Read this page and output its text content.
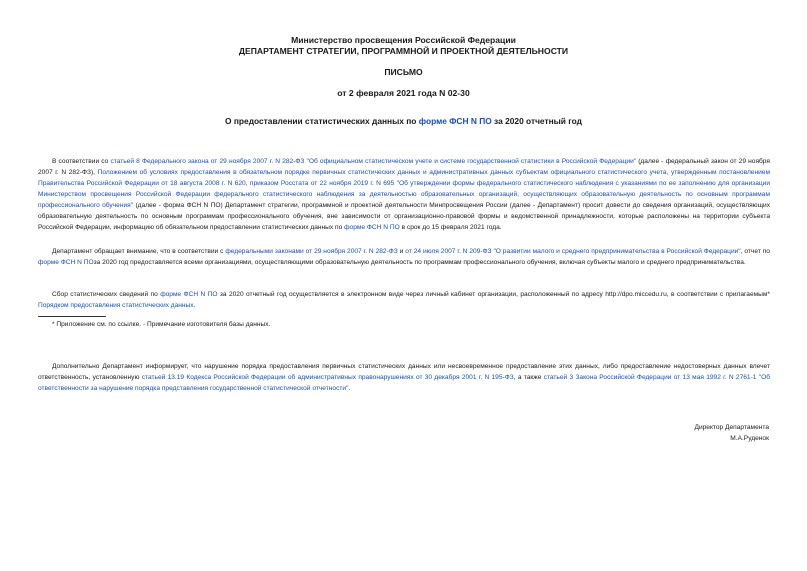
Министерство просвещения Российской Федерации
ДЕПАРТАМЕНТ СТРАТЕГИИ, ПРОГРАММНОЙ И ПРОЕКТНОЙ ДЕЯТЕЛЬНОСТИ
ПИСЬМО
от 2 февраля 2021 года N 02-30
О предоставлении статистических данных по форме ФСН N ПО за 2020 отчетный год
В соответствии со статьей 8 Федерального закона от 29 ноября 2007 г. N 282-ФЗ "Об официальном статистическом учете и системе государственной статистики в Российской Федерации" (далее - федеральный закон от 29 ноября 2007 г. N 282-ФЗ), Положением об условиях предоставления в обязательном порядке первичных статистических данных и административных данных субъектам официального статистического учета, утвержденным постановлением Правительства Российской Федерации от 18 августа 2008 г. N 620, приказом Росстата от 22 ноября 2019 г. N 695 "Об утверждении формы федерального статистического наблюдения с указаниями по ее заполнению для организации Министерством просвещения Российской Федерации федерального статистического наблюдения за деятельностью образовательных организаций, осуществляющих образовательную деятельность по основным программам профессионального обучения" (далее - форма ФСН N ПО) Департамент стратегии, программной и проектной деятельности Минпросвещения России (далее - Департамент) просит довести до сведения организаций, осуществляющих образовательную деятельность по основным программам профессионального обучения, вне зависимости от организационно-правовой формы и ведомственной принадлежности, которые расположены на территории субъекта Российской Федерации, информацию об обязательном предоставлении статистических данных по форме ФСН N ПО в срок до 15 февраля 2021 года.
Департамент обращает внимание, что в соответствии с федеральными законами от 29 ноября 2007 г. N 282-ФЗ и от 24 июля 2007 г. N 209-ФЗ "О развитии малого и среднего предпринимательства в Российской Федерации", отчет по форме ФСН N ПОза 2020 год предоставляется всеми организациями, осуществляющими образовательную деятельность по программам профессионального обучения, включая субъекты малого и среднего предпринимательства.
Сбор статистических сведений по форме ФСН N ПО за 2020 отчетный год осуществляется в электронном виде через личный кабинет организации, расположенный по адресу http://dpo.miccedu.ru, в соответствии с прилагаемым* Порядком предоставления статистических данных.
* Приложение см. по ссылке. - Примечание изготовителя базы данных.
Дополнительно Департамент информирует, что нарушение порядка предоставления первичных статистических данных или несвоевременное предоставление этих данных, либо предоставление недостоверных данных влечет ответственность, установленную статьей 13.19 Кодекса Российской Федерации об административных правонарушениях от 30 декабря 2001 г. N 195-ФЗ, а также статьей 3 Закона Российской Федерации от 13 мая 1992 г. N 2761-1 "Об ответственности за нарушение порядка представления государственной статистической отчетности".
Директор Департамента
М.А.Руденок
